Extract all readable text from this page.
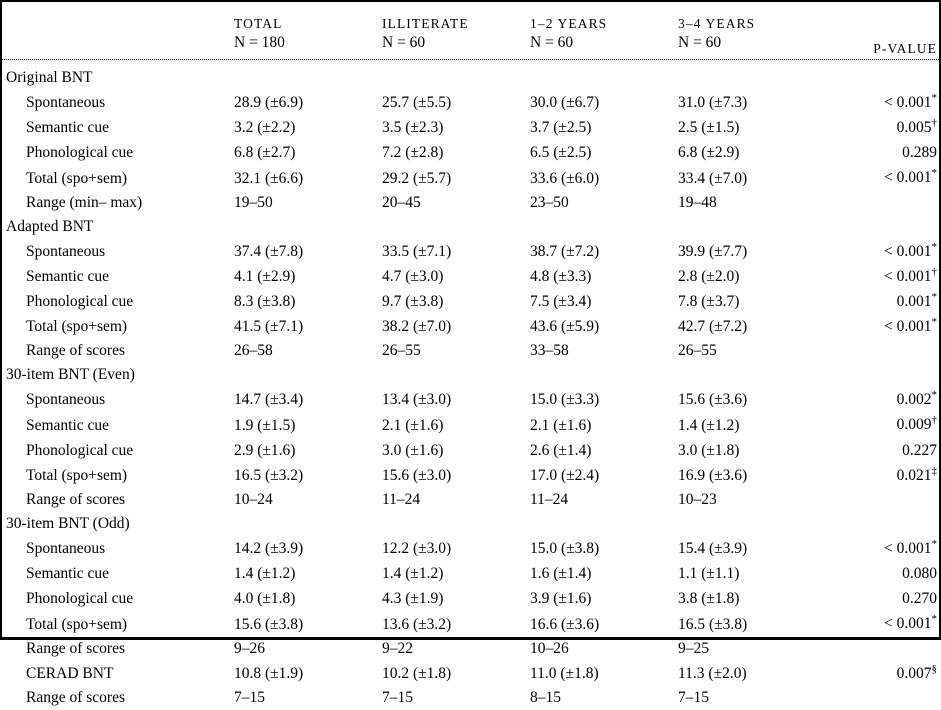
	TOTAL	ILLITERATE	1–2 YEARS	3–4 YEARS	P-VALUE
	N = 180	N = 60	N = 60	N = 60	

Original BNT					
Spontaneous	28.9 (±6.9)	25.7 (±5.5)	30.0 (±6.7)	31.0 (±7.3)	< 0.001*
Semantic cue	3.2 (±2.2)	3.5 (±2.3)	3.7 (±2.5)	2.5 (±1.5)	0.005†
Phonological cue	6.8 (±2.7)	7.2 (±2.8)	6.5 (±2.5)	6.8 (±2.9)	0.289
Total (spo+sem)	32.1 (±6.6)	29.2 (±5.7)	33.6 (±6.0)	33.4 (±7.0)	< 0.001*
Range (min– max)	19–50	20–45	23–50	19–48	
Adapted BNT					
Spontaneous	37.4 (±7.8)	33.5 (±7.1)	38.7 (±7.2)	39.9 (±7.7)	< 0.001*
Semantic cue	4.1 (±2.9)	4.7 (±3.0)	4.8 (±3.3)	2.8 (±2.0)	< 0.001†
Phonological cue	8.3 (±3.8)	9.7 (±3.8)	7.5 (±3.4)	7.8 (±3.7)	0.001*
Total (spo+sem)	41.5 (±7.1)	38.2 (±7.0)	43.6 (±5.9)	42.7 (±7.2)	< 0.001*
Range of scores	26–58	26–55	33–58	26–55	
30-item BNT (Even)					
Spontaneous	14.7 (±3.4)	13.4 (±3.0)	15.0 (±3.3)	15.6 (±3.6)	0.002*
Semantic cue	1.9 (±1.5)	2.1 (±1.6)	2.1 (±1.6)	1.4 (±1.2)	0.009†
Phonological cue	2.9 (±1.6)	3.0 (±1.6)	2.6 (±1.4)	3.0 (±1.8)	0.227
Total (spo+sem)	16.5 (±3.2)	15.6 (±3.0)	17.0 (±2.4)	16.9 (±3.6)	0.021‡
Range of scores	10–24	11–24	11–24	10–23	
30-item BNT (Odd)					
Spontaneous	14.2 (±3.9)	12.2 (±3.0)	15.0 (±3.8)	15.4 (±3.9)	< 0.001*
Semantic cue	1.4 (±1.2)	1.4 (±1.2)	1.6 (±1.4)	1.1 (±1.1)	0.080
Phonological cue	4.0 (±1.8)	4.3 (±1.9)	3.9 (±1.6)	3.8 (±1.8)	0.270
Total (spo+sem)	15.6 (±3.8)	13.6 (±3.2)	16.6 (±3.6)	16.5 (±3.8)	< 0.001*
Range of scores	9–26	9–22	10–26	9–25	
CERAD BNT	10.8 (±1.9)	10.2 (±1.8)	11.0 (±1.8)	11.3 (±2.0)	0.007§
Range of scores	7–15	7–15	8–15	7–15	
